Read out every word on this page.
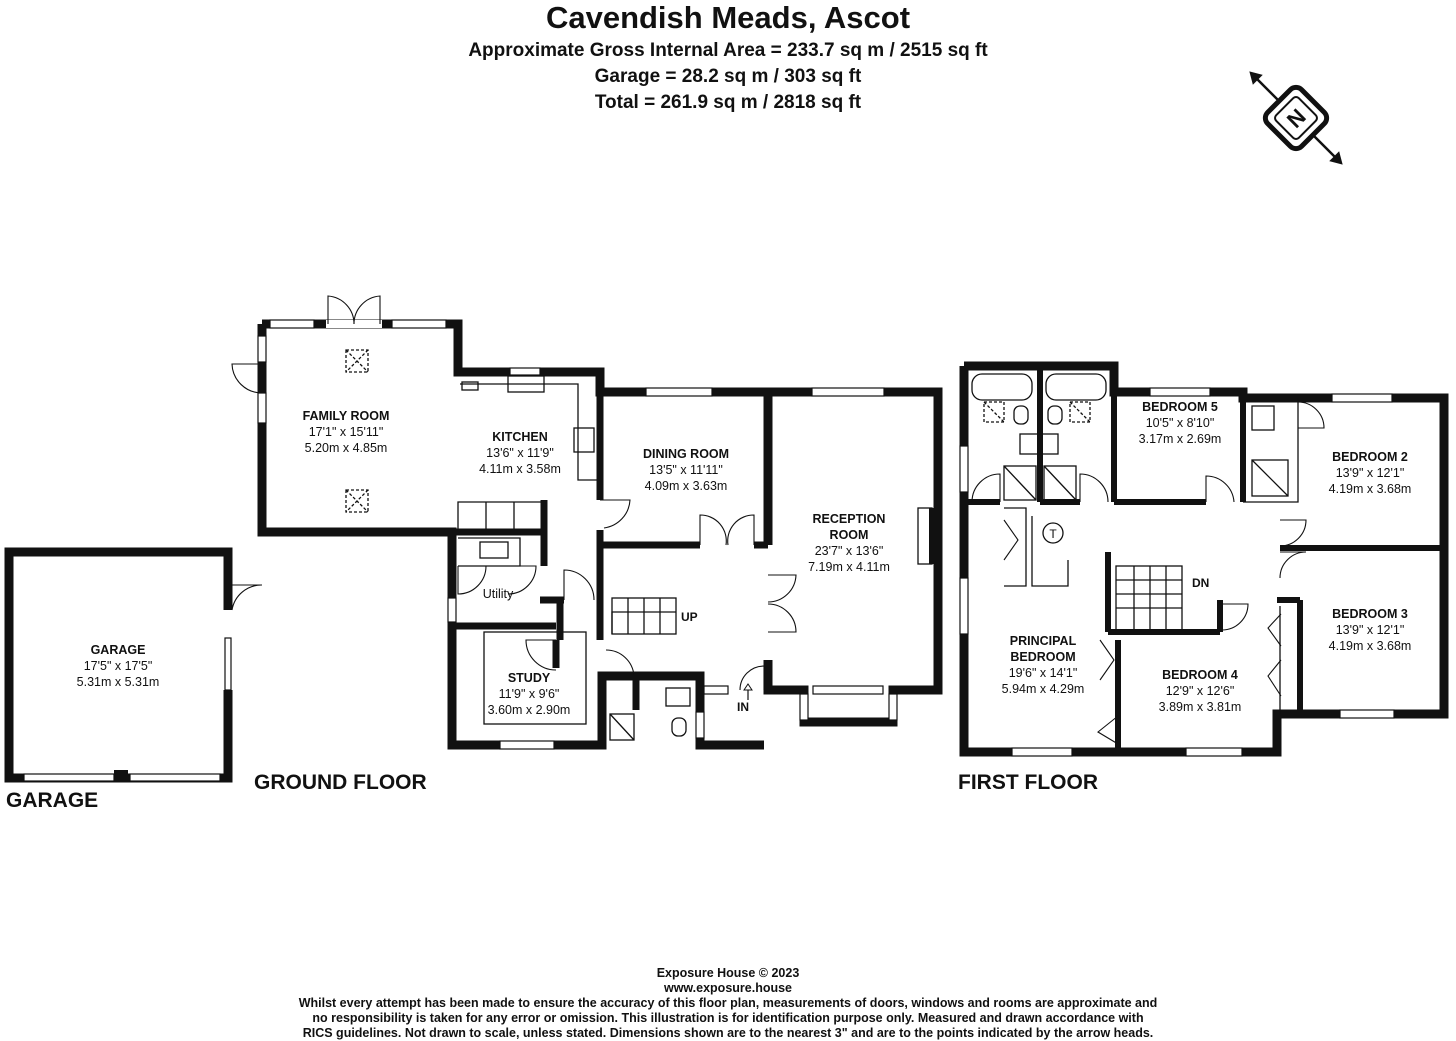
Cavendish Meads, Ascot
Approximate Gross Internal Area = 233.7 sq m / 2515 sq ft
Garage = 28.2 sq m / 303 sq ft
Total = 261.9 sq m / 2818 sq ft
N
GARAGE
17'5" x 17'5"
5.31m x 5.31m
GARAGE
FAMILY ROOM
17'1" x 15'11"
5.20m x 4.85m
KITCHEN
13'6" x 11'9"
4.11m x 3.58m
DINING ROOM
13'5" x 11'11"
4.09m x 3.63m
RECEPTION
ROOM
23'7" x 13'6"
7.19m x 4.11m
Utility
STUDY
11'9" x 9'6"
3.60m x 2.90m
UP
IN
GROUND FLOOR
T
BEDROOM 5
10'5" x 8'10"
3.17m x 2.69m
BEDROOM 2
13'9" x 12'1"
4.19m x 3.68m
BEDROOM 3
13'9" x 12'1"
4.19m x 3.68m
BEDROOM 4
12'9" x 12'6"
3.89m x 3.81m
PRINCIPAL
BEDROOM
19'6" x 14'1"
5.94m x 4.29m
DN
FIRST FLOOR
Exposure House © 2023
www.exposure.house
Whilst every attempt has been made to ensure the accuracy of this floor plan, measurements of doors, windows and rooms are approximate and
no responsibility is taken for any error or omission. This illustration is for identification purpose only. Measured and drawn accordance with
RICS guidelines. Not drawn to scale, unless stated. Dimensions shown are to the nearest 3" and are to the points indicated by the arrow heads.
